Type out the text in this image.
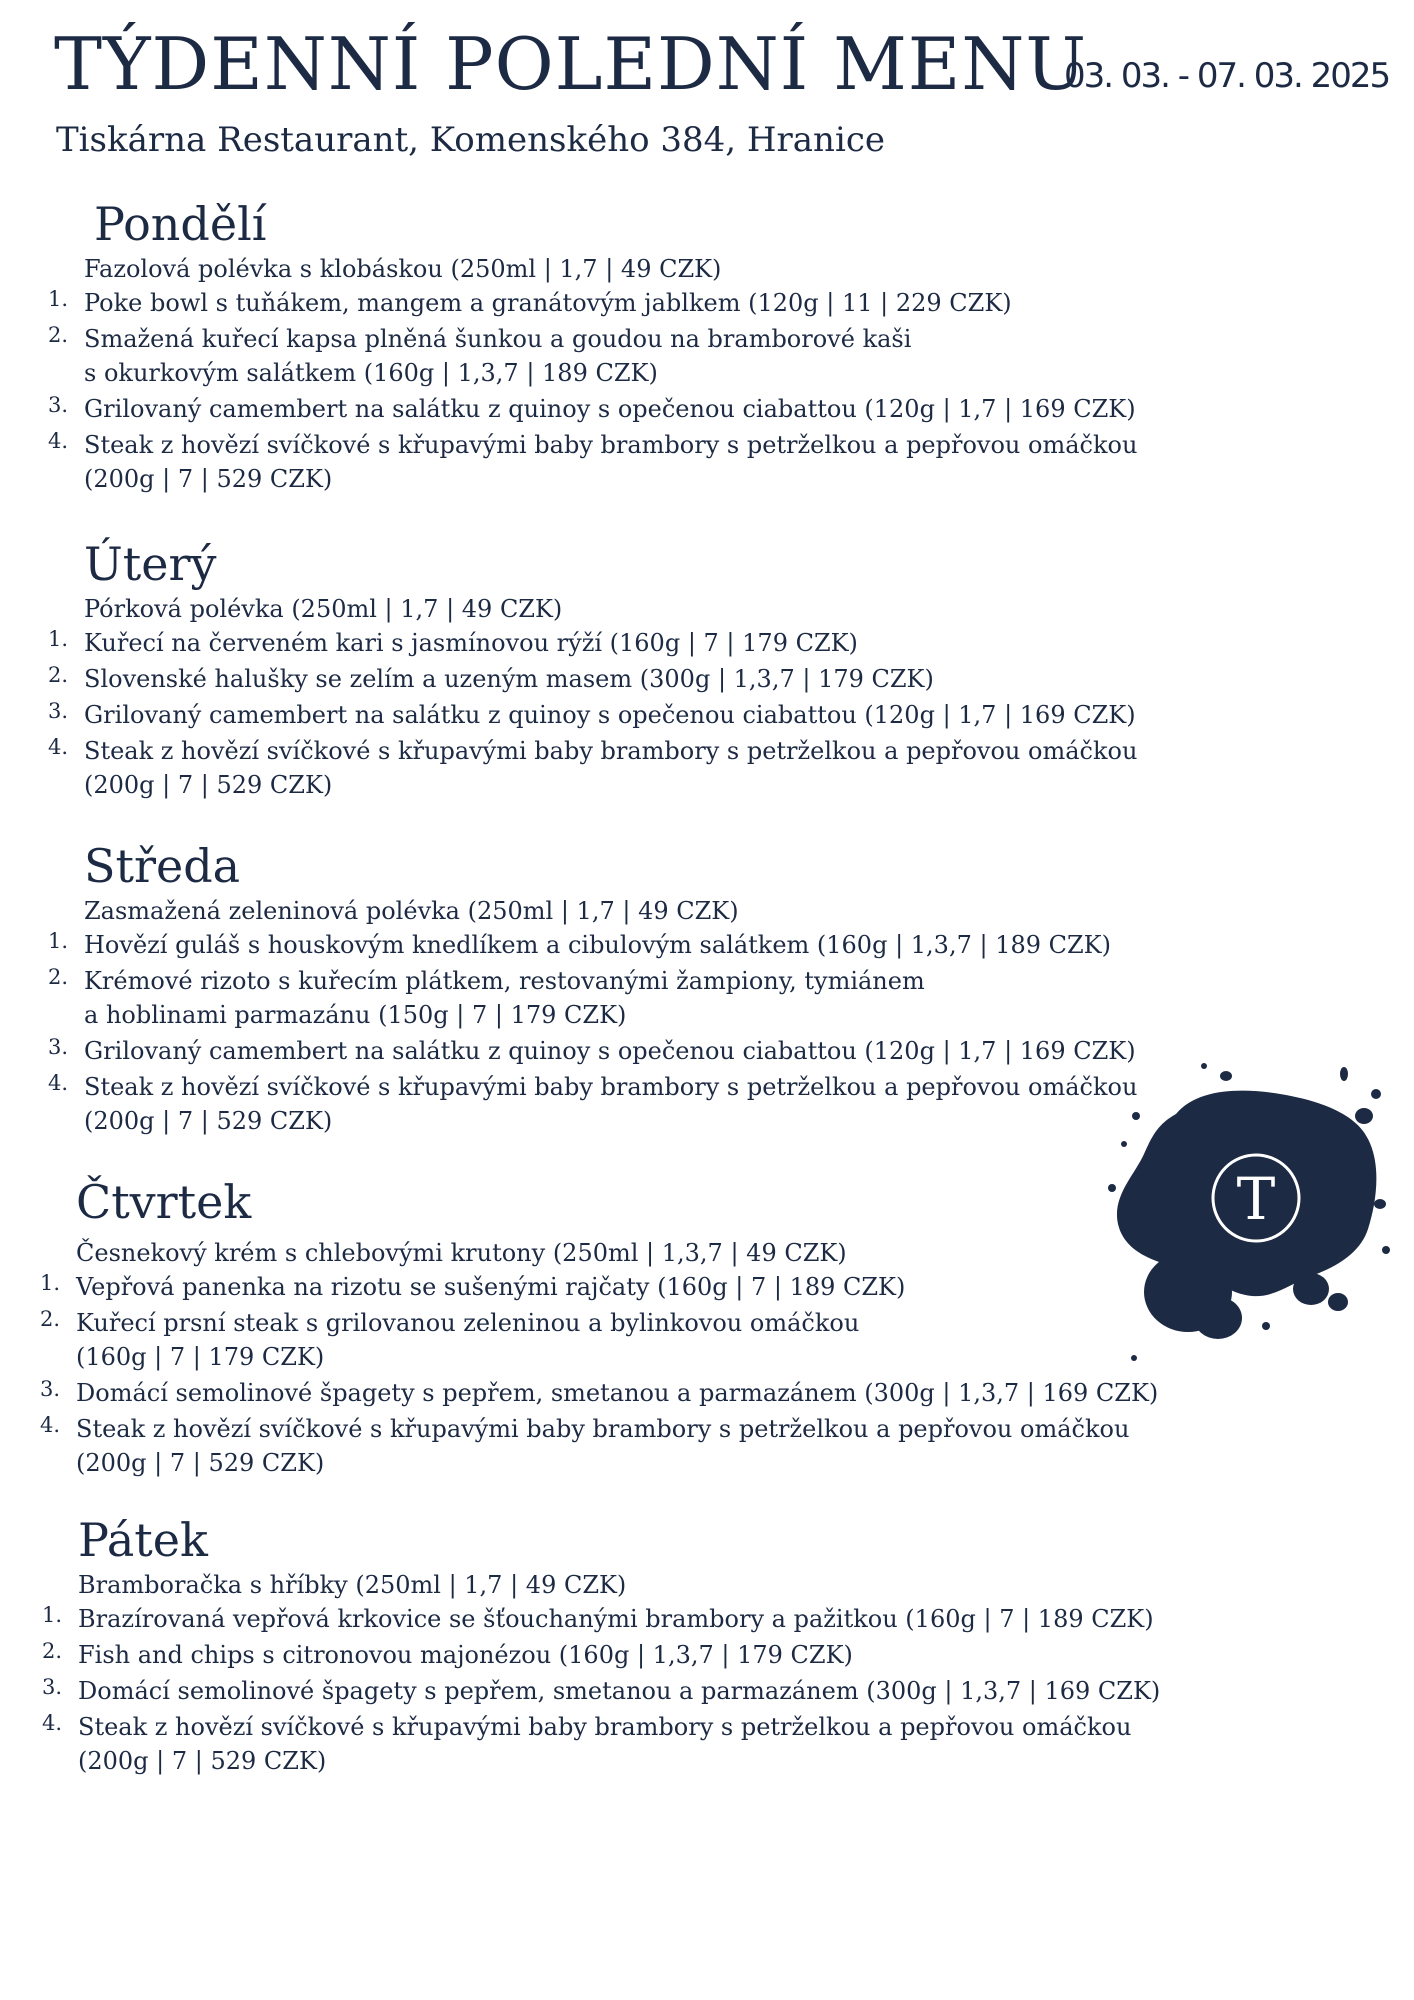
TÝDENNÍ POLEDNÍ MENU
03. 03. - 07. 03. 2025
Tiskárna Restaurant, Komenského 384, Hranice
Pondělí
Fazolová polévka s klobáskou (250ml | 1,7 | 49 CZK)
1. Poke bowl s tuňákem, mangem a granátovým jablkem (120g | 11 | 229 CZK)
2. Smažená kuřecí kapsa plněná šunkou a goudou na bramborové kaši
s okurkovým salátkem (160g | 1,3,7 | 189 CZK)
3. Grilovaný camembert na salátku z quinoy s opečenou ciabattou (120g | 1,7 | 169 CZK)
4. Steak z hovězí svíčkové s křupavými baby brambory s petrželkou a pepřovou omáčkou
(200g | 7 | 529 CZK)
Úterý
Pórková polévka (250ml | 1,7 | 49 CZK)
1. Kuřecí na červeném kari s jasmínovou rýží (160g | 7 | 179 CZK)
2. Slovenské halušky se zelím a uzeným masem (300g | 1,3,7 | 179 CZK)
3. Grilovaný camembert na salátku z quinoy s opečenou ciabattou (120g | 1,7 | 169 CZK)
4. Steak z hovězí svíčkové s křupavými baby brambory s petrželkou a pepřovou omáčkou
(200g | 7 | 529 CZK)
Středa
Zasmažená zeleninová polévka (250ml | 1,7 | 49 CZK)
1. Hovězí guláš s houskovým knedlíkem a cibulovým salátkem (160g | 1,3,7 | 189 CZK)
2. Krémové rizoto s kuřecím plátkem, restovanými žampiony, tymiánem
a hoblinami parmazánu (150g | 7 | 179 CZK)
3. Grilovaný camembert na salátku z quinoy s opečenou ciabattou (120g | 1,7 | 169 CZK)
4. Steak z hovězí svíčkové s křupavými baby brambory s petrželkou a pepřovou omáčkou
(200g | 7 | 529 CZK)
Čtvrtek
Česnekový krém s chlebovými krutony (250ml | 1,3,7 | 49 CZK)
1. Vepřová panenka na rizotu se sušenými rajčaty (160g | 7 | 189 CZK)
2. Kuřecí prsní steak s grilovanou zeleninou a bylinkovou omáčkou
(160g | 7 | 179 CZK)
3. Domácí semolinové špagety s pepřem, smetanou a parmazánem (300g | 1,3,7 | 169 CZK)
4. Steak z hovězí svíčkové s křupavými baby brambory s petrželkou a pepřovou omáčkou
(200g | 7 | 529 CZK)
Pátek
Bramboračka s hříbky (250ml | 1,7 | 49 CZK)
1. Brazírovaná vepřová krkovice se šťouchanými brambory a pažitkou (160g | 7 | 189 CZK)
2. Fish and chips s citronovou majonézou (160g | 1,3,7 | 179 CZK)
3. Domácí semolinové špagety s pepřem, smetanou a parmazánem (300g | 1,3,7 | 169 CZK)
4. Steak z hovězí svíčkové s křupavými baby brambory s petrželkou a pepřovou omáčkou
(200g | 7 | 529 CZK)
T
